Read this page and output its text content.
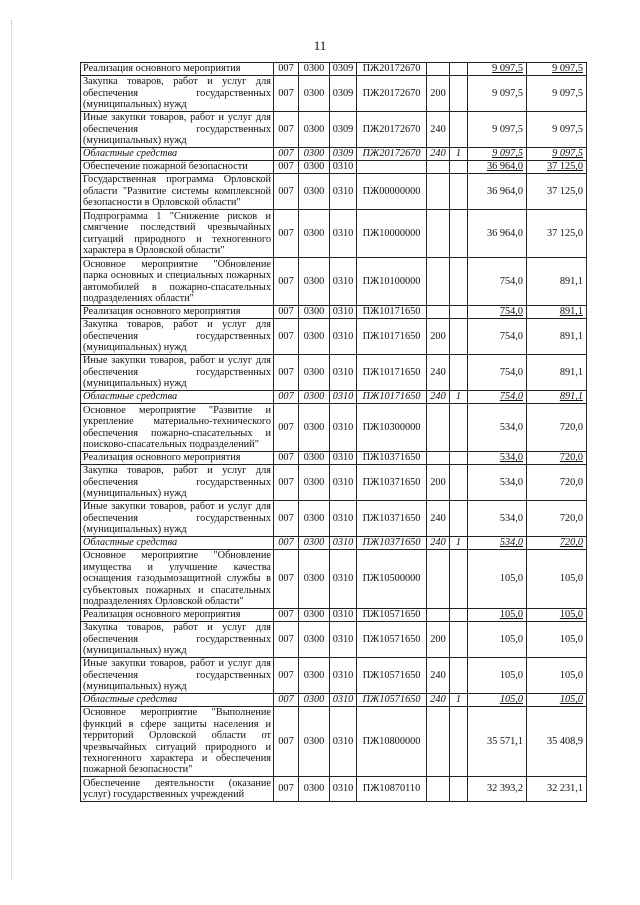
11
Реализация основного мероприятия	007	0300	0309	ПЖ20172670			9 097,5	9 097,5
Закупка товаров, работ и услуг для обеспечения государственных (муниципальных) нужд	007	0300	0309	ПЖ20172670	200		9 097,5	9 097,5
Иные закупки товаров, работ и услуг для обеспечения государственных (муниципальных) нужд	007	0300	0309	ПЖ20172670	240		9 097,5	9 097,5
Областные средства	007	0300	0309	ПЖ20172670	240	1	9 097,5	9 097,5
Обеспечение пожарной безопасности	007	0300	0310				36 964,0	37 125,0
Государственная программа Орловской области "Развитие системы комплексной безопасности в Орловской области"	007	0300	0310	ПЖ00000000			36 964,0	37 125,0
Подпрограмма 1 "Снижение рисков и смягчение последствий чрезвычайных ситуаций природного и техногенного характера в Орловской области"	007	0300	0310	ПЖ10000000			36 964,0	37 125,0
Основное мероприятие "Обновление парка основных и специальных пожарных автомобилей в пожарно-спасательных подразделениях области"	007	0300	0310	ПЖ10100000			754,0	891,1
Реализация основного мероприятия	007	0300	0310	ПЖ10171650			754,0	891,1
Закупка товаров, работ и услуг для обеспечения государственных (муниципальных) нужд	007	0300	0310	ПЖ10171650	200		754,0	891,1
Иные закупки товаров, работ и услуг для обеспечения государственных (муниципальных) нужд	007	0300	0310	ПЖ10171650	240		754,0	891,1
Областные средства	007	0300	0310	ПЖ10171650	240	1	754,0	891,1
Основное мероприятие "Развитие и укрепление материально-технического обеспечения пожарно-спасательных и поисково-спасательных подразделений"	007	0300	0310	ПЖ10300000			534,0	720,0
Реализация основного мероприятия	007	0300	0310	ПЖ10371650			534,0	720,0
Закупка товаров, работ и услуг для обеспечения государственных (муниципальных) нужд	007	0300	0310	ПЖ10371650	200		534,0	720,0
Иные закупки товаров, работ и услуг для обеспечения государственных (муниципальных) нужд	007	0300	0310	ПЖ10371650	240		534,0	720,0
Областные средства	007	0300	0310	ПЖ10371650	240	1	534,0	720,0
Основное мероприятие "Обновление имущества и улучшение качества оснащения газодымозащитной службы в субъектовых пожарных и спасательных подразделениях Орловской области"	007	0300	0310	ПЖ10500000			105,0	105,0
Реализация основного мероприятия	007	0300	0310	ПЖ10571650			105,0	105,0
Закупка товаров, работ и услуг для обеспечения государственных (муниципальных) нужд	007	0300	0310	ПЖ10571650	200		105,0	105,0
Иные закупки товаров, работ и услуг для обеспечения государственных (муниципальных) нужд	007	0300	0310	ПЖ10571650	240		105,0	105,0
Областные средства	007	0300	0310	ПЖ10571650	240	1	105,0	105,0
Основное мероприятие "Выполнение функций в сфере защиты населения и территорий Орловской области от чрезвычайных ситуаций природного и техногенного характера и обеспечения пожарной безопасности"	007	0300	0310	ПЖ10800000			35 571,1	35 408,9
Обеспечение деятельности (оказание услуг) государственных учреждений	007	0300	0310	ПЖ10870110			32 393,2	32 231,1
